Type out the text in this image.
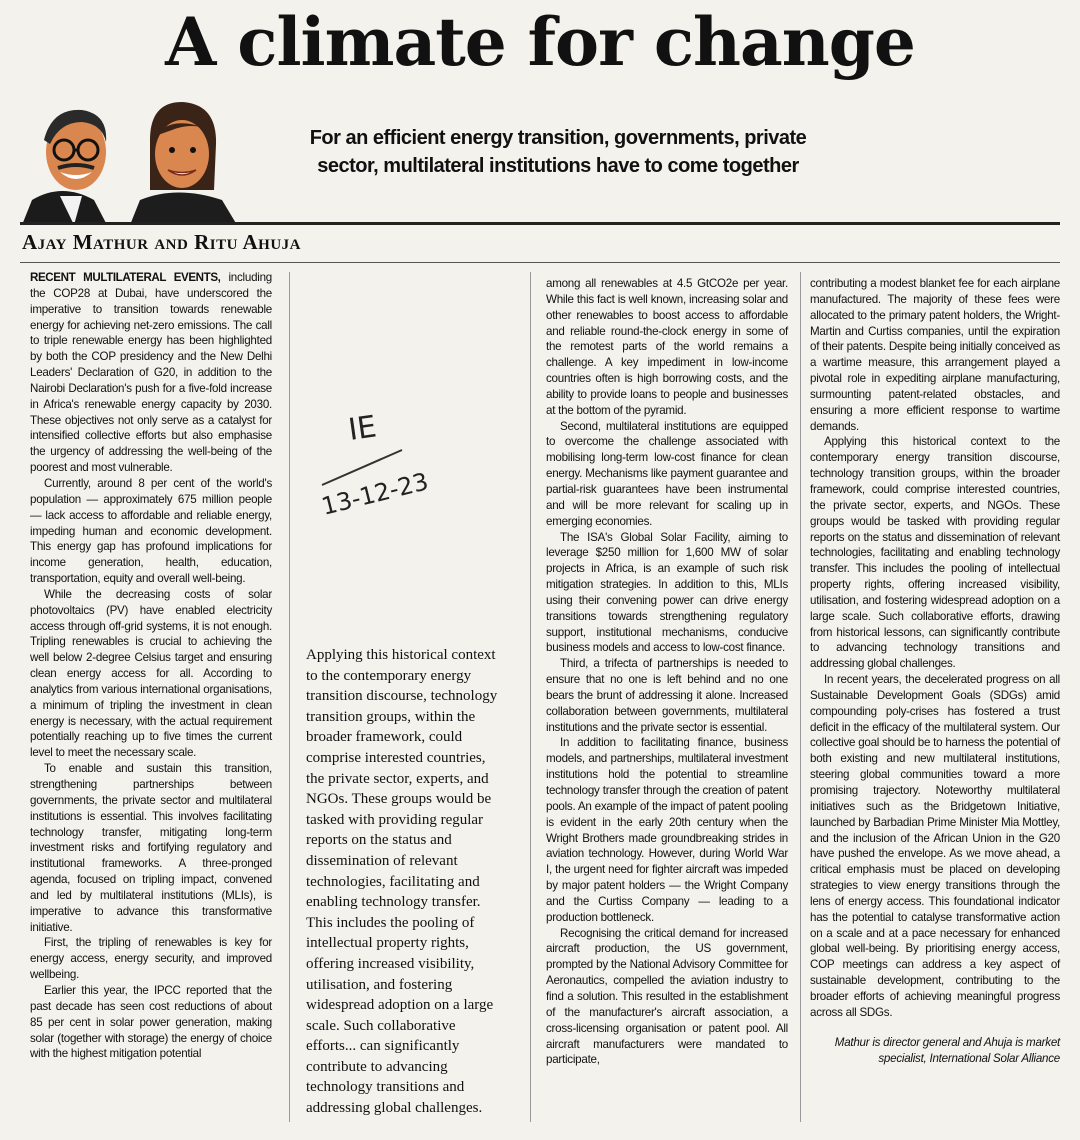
A climate for change
For an efficient energy transition, governments, private sector, multilateral institutions have to come together
Ajay Mathur and Ritu Ahuja
IE
13-12-23

RECENT MULTILATERAL EVENTS, including the COP28 at Dubai, have underscored the imperative to transition towards renewable energy for achieving net-zero emissions. The call to triple renewable energy has been highlighted by both the COP presidency and the New Delhi Leaders' Declaration of G20, in addition to the Nairobi Declaration's push for a five-fold increase in Africa's renewable energy capacity by 2030. These objectives not only serve as a catalyst for intensified collective efforts but also emphasise the urgency of addressing the well-being of the poorest and most vulnerable.

Currently, around 8 per cent of the world's population — approximately 675 million people — lack access to affordable and reliable energy, impeding human and economic development. This energy gap has profound implications for income generation, health, education, transportation, equity and overall well-being.

While the decreasing costs of solar photovoltaics (PV) have enabled electricity access through off-grid systems, it is not enough. Tripling renewables is crucial to achieving the well below 2-degree Celsius target and ensuring clean energy access for all. According to analytics from various international organisations, a minimum of tripling the investment in clean energy is necessary, with the actual requirement potentially reaching up to five times the current level to meet the necessary scale.

To enable and sustain this transition, strengthening partnerships between governments, the private sector and multilateral institutions is essential. This involves facilitating technology transfer, mitigating long-term investment risks and fortifying regulatory and institutional frameworks. A three-pronged agenda, focused on tripling impact, convened and led by multilateral institutions (MLIs), is imperative to advance this transformative initiative.

First, the tripling of renewables is key for energy access, energy security, and improved wellbeing.

Earlier this year, the IPCC reported that the past decade has seen cost reductions of about 85 per cent in solar power generation, making solar (together with storage) the energy of choice with the highest mitigation potential

Applying this historical context to the contemporary energy transition discourse, technology transition groups, within the broader framework, could comprise interested countries, the private sector, experts, and NGOs. These groups would be tasked with providing regular reports on the status and dissemination of relevant technologies, facilitating and enabling technology transfer. This includes the pooling of intellectual property rights, offering increased visibility, utilisation, and fostering widespread adoption on a large scale. Such collaborative efforts... can significantly contribute to advancing technology transitions and addressing global challenges.

among all renewables at 4.5 GtCO2e per year. While this fact is well known, increasing solar and other renewables to boost access to affordable and reliable round-the-clock energy in some of the remotest parts of the world remains a challenge. A key impediment in low-income countries often is high borrowing costs, and the ability to provide loans to people and businesses at the bottom of the pyramid.

Second, multilateral institutions are equipped to overcome the challenge associated with mobilising long-term low-cost finance for clean energy. Mechanisms like payment guarantee and partial-risk guarantees have been instrumental and will be more relevant for scaling up in emerging economies.

The ISA's Global Solar Facility, aiming to leverage $250 million for 1,600 MW of solar projects in Africa, is an example of such risk mitigation strategies. In addition to this, MLIs using their convening power can drive energy transitions towards strengthening regulatory support, institutional mechanisms, conducive business models and access to low-cost finance.

Third, a trifecta of partnerships is needed to ensure that no one is left behind and no one bears the brunt of addressing it alone. Increased collaboration between governments, multilateral institutions and the private sector is essential.

In addition to facilitating finance, business models, and partnerships, multilateral investment institutions hold the potential to streamline technology transfer through the creation of patent pools. An example of the impact of patent pooling is evident in the early 20th century when the Wright Brothers made groundbreaking strides in aviation technology. However, during World War I, the urgent need for fighter aircraft was impeded by major patent holders — the Wright Company and the Curtiss Company — leading to a production bottleneck.

Recognising the critical demand for increased aircraft production, the US government, prompted by the National Advisory Committee for Aeronautics, compelled the aviation industry to find a solution. This resulted in the establishment of the manufacturer's aircraft association, a cross-licensing organisation or patent pool. All aircraft manufacturers were mandated to participate,

contributing a modest blanket fee for each airplane manufactured. The majority of these fees were allocated to the primary patent holders, the Wright-Martin and Curtiss companies, until the expiration of their patents. Despite being initially conceived as a wartime measure, this arrangement played a pivotal role in expediting airplane manufacturing, surmounting patent-related obstacles, and ensuring a more efficient response to wartime demands.

Applying this historical context to the contemporary energy transition discourse, technology transition groups, within the broader framework, could comprise interested countries, the private sector, experts, and NGOs. These groups would be tasked with providing regular reports on the status and dissemination of relevant technologies, facilitating and enabling technology transfer. This includes the pooling of intellectual property rights, offering increased visibility, utilisation, and fostering widespread adoption on a large scale. Such collaborative efforts, drawing from historical lessons, can significantly contribute to advancing technology transitions and addressing global challenges.

In recent years, the decelerated progress on all Sustainable Development Goals (SDGs) amid compounding poly-crises has fostered a trust deficit in the efficacy of the multilateral system. Our collective goal should be to harness the potential of both existing and new multilateral institutions, steering global communities toward a more promising trajectory. Noteworthy multilateral initiatives such as the Bridgetown Initiative, launched by Barbadian Prime Minister Mia Mottley, and the inclusion of the African Union in the G20 have pushed the envelope. As we move ahead, a critical emphasis must be placed on developing strategies to view energy transitions through the lens of energy access. This foundational indicator has the potential to catalyse transformative action on a scale and at a pace necessary for enhanced global well-being. By prioritising energy access, COP meetings can address a key aspect of sustainable development, contributing to the broader efforts of achieving meaningful progress across all SDGs.

Mathur is director general and Ahuja is market specialist, International Solar Alliance
